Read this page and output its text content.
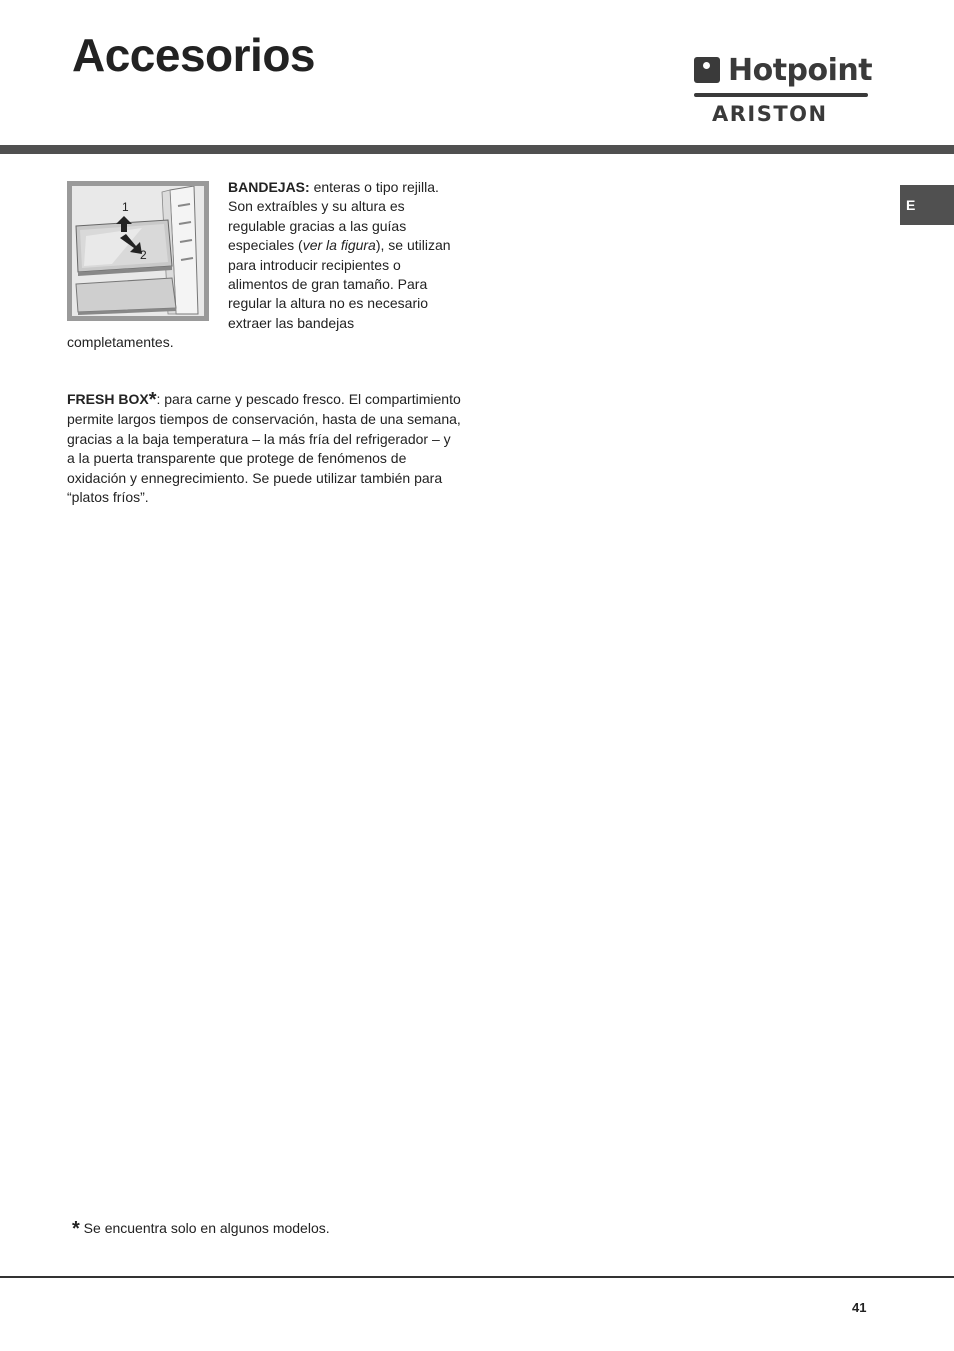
Accesorios	Hotpoint
ARISTON
E
1
2
BANDEJAS: enteras o tipo rejilla. Son extraíbles y su altura es regulable gracias a las guías especiales (ver la figura), se utilizan para introducir recipientes o alimentos de gran tamaño. Para regular la altura no es necesario extraer las bandejas
completamentes.
FRESH BOX*: para carne y pescado fresco. El compartimiento permite largos tiempos de conservación, hasta de una semana, gracias a la baja temperatura – la más fría del refrigerador – y a la puerta transparente que protege de fenómenos de oxidación y ennegrecimiento. Se puede utilizar también para “platos fríos”.
* Se encuentra solo en algunos modelos.
41
